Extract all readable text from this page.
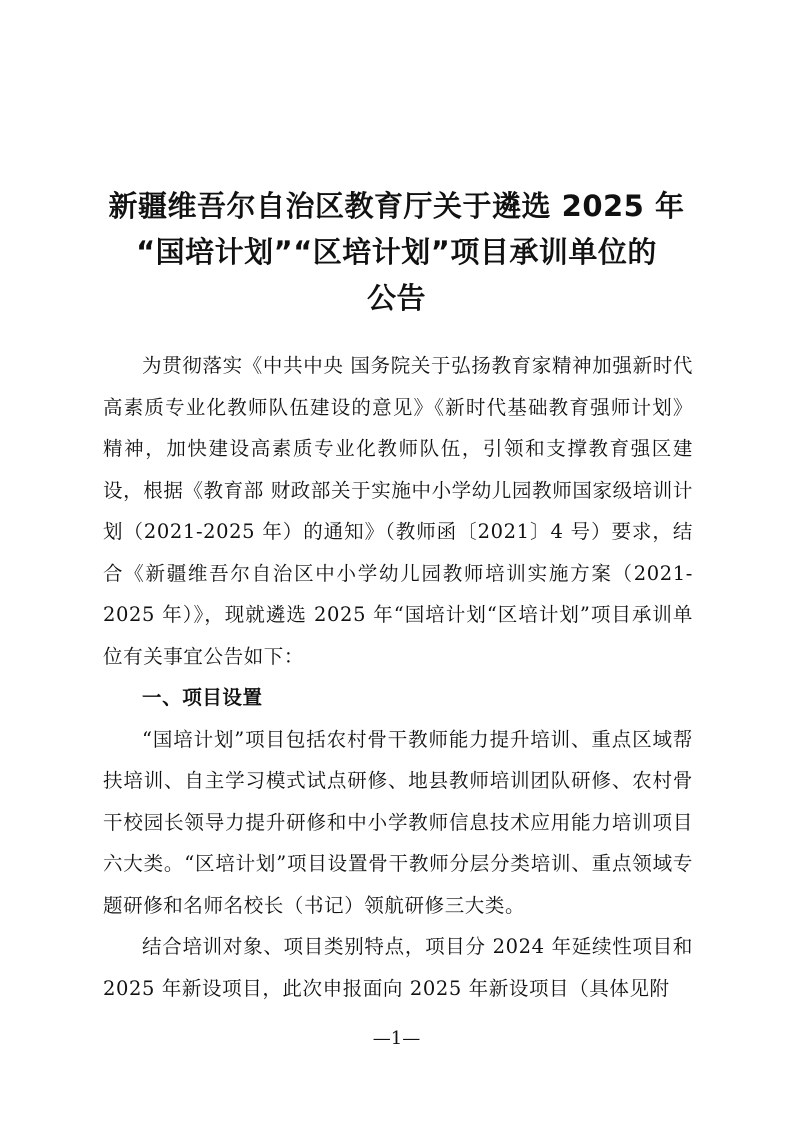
新疆维吾尔自治区教育厅关于遴选 2025 年
“国培计划”“区培计划”项目承训单位的
公告

为贯彻落实《中共中央 国务院关于弘扬教育家精神加强新时代高素质专业化教师队伍建设的意见》《新时代基础教育强师计划》精神，加快建设高素质专业化教师队伍，引领和支撑教育强区建设，根据《教育部 财政部关于实施中小学幼儿园教师国家级培训计划（2021-2025 年）的通知》（教师函〔2021〕4 号）要求，结合《新疆维吾尔自治区中小学幼儿园教师培训实施方案（2021-2025 年）》，现就遴选 2025 年“国培计划“区培计划”项目承训单位有关事宜公告如下：

一、项目设置

“国培计划”项目包括农村骨干教师能力提升培训、重点区域帮扶培训、自主学习模式试点研修、地县教师培训团队研修、农村骨干校园长领导力提升研修和中小学教师信息技术应用能力培训项目六大类。“区培计划”项目设置骨干教师分层分类培训、重点领域专题研修和名师名校长（书记）领航研修三大类。

结合培训对象、项目类别特点，项目分 2024 年延续性项目和 2025 年新设项目，此次申报面向 2025 年新设项目（具体见附

—1—
